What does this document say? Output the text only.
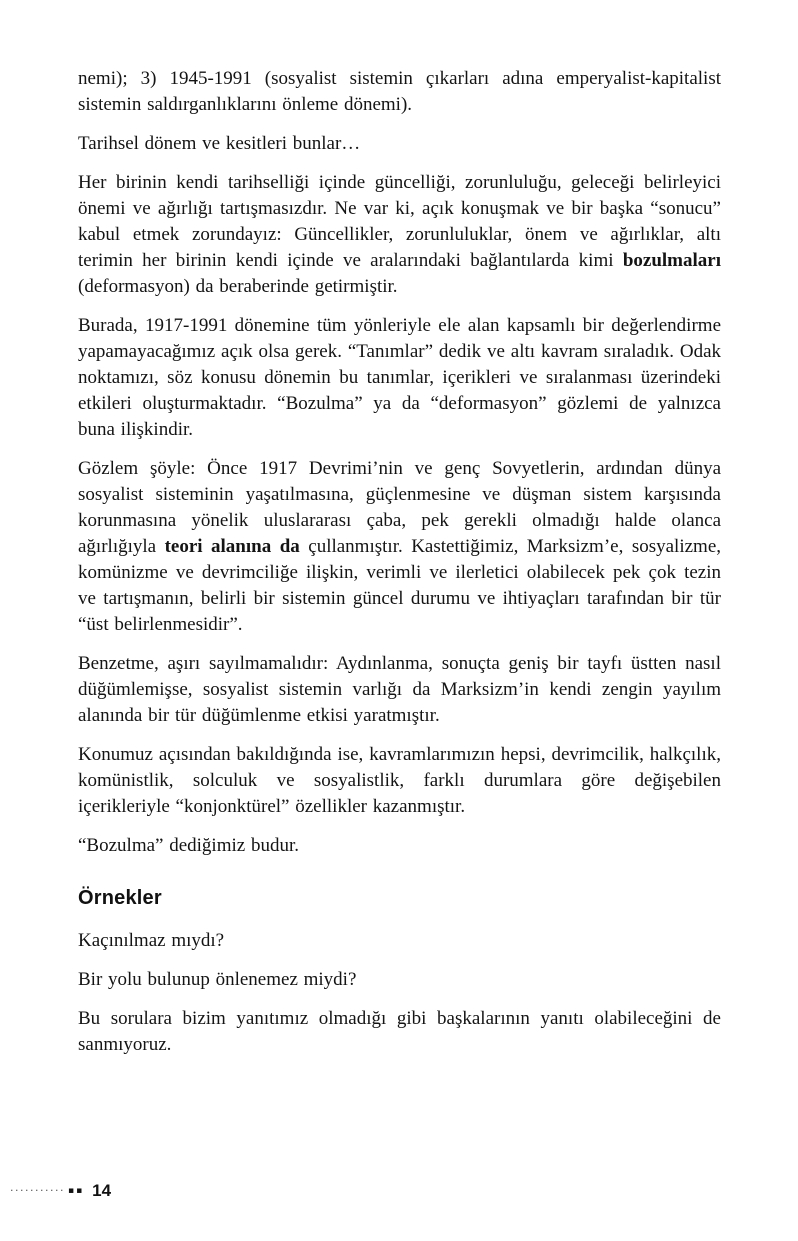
nemi); 3) 1945-1991 (sosyalist sistemin çıkarları adına emperyalist-kapitalist sistemin saldırganlıklarını önleme dönemi).

Tarihsel dönem ve kesitleri bunlar…

Her birinin kendi tarihselliği içinde güncelliği, zorunluluğu, geleceği belirleyici önemi ve ağırlığı tartışmasızdır. Ne var ki, açık konuşmak ve bir başka “sonucu” kabul etmek zorundayız: Güncellikler, zorunluluklar, önem ve ağırlıklar, altı terimin her birinin kendi içinde ve aralarındaki bağlantılarda kimi bozulmaları (deformasyon) da beraberinde getirmiştir.

Burada, 1917-1991 dönemine tüm yönleriyle ele alan kapsamlı bir değerlendirme yapamayacağımız açık olsa gerek. “Tanımlar” dedik ve altı kavram sıraladık. Odak noktamızı, söz konusu dönemin bu tanımlar, içerikleri ve sıralanması üzerindeki etkileri oluşturmaktadır. “Bozulma” ya da “deformasyon” gözlemi de yalnızca buna ilişkindir.

Gözlem şöyle: Önce 1917 Devrimi’nin ve genç Sovyetlerin, ardından dünya sosyalist sisteminin yaşatılmasına, güçlenmesine ve düşman sistem karşısında korunmasına yönelik uluslararası çaba, pek gerekli olmadığı halde olanca ağırlığıyla teori alanına da çullanmıştır. Kastettiğimiz, Marksizm’e, sosyalizme, komünizme ve devrimciliğe ilişkin, verimli ve ilerletici olabilecek pek çok tezin ve tartışmanın, belirli bir sistemin güncel durumu ve ihtiyaçları tarafından bir tür “üst belirlenmesidir”.

Benzetme, aşırı sayılmamalıdır: Aydınlanma, sonuçta geniş bir tayfı üstten nasıl düğümlemişse, sosyalist sistemin varlığı da Marksizm’in kendi zengin yayılım alanında bir tür düğümlenme etkisi yaratmıştır.

Konumuz açısından bakıldığında ise, kavramlarımızın hepsi, devrimcilik, halkçılık, komünistlik, solculuk ve sosyalistlik, farklı durumlara göre değişebilen içerikleriyle “konjonktürel” özellikler kazanmıştır.

“Bozulma” dediğimiz budur.

Örnekler

Kaçınılmaz mıydı?

Bir yolu bulunup önlenemez miydi?

Bu sorulara bizim yanıtımız olmadığı gibi başkalarının yanıtı olabileceğini de sanmıyoruz.

··········· ▪▪ 14
